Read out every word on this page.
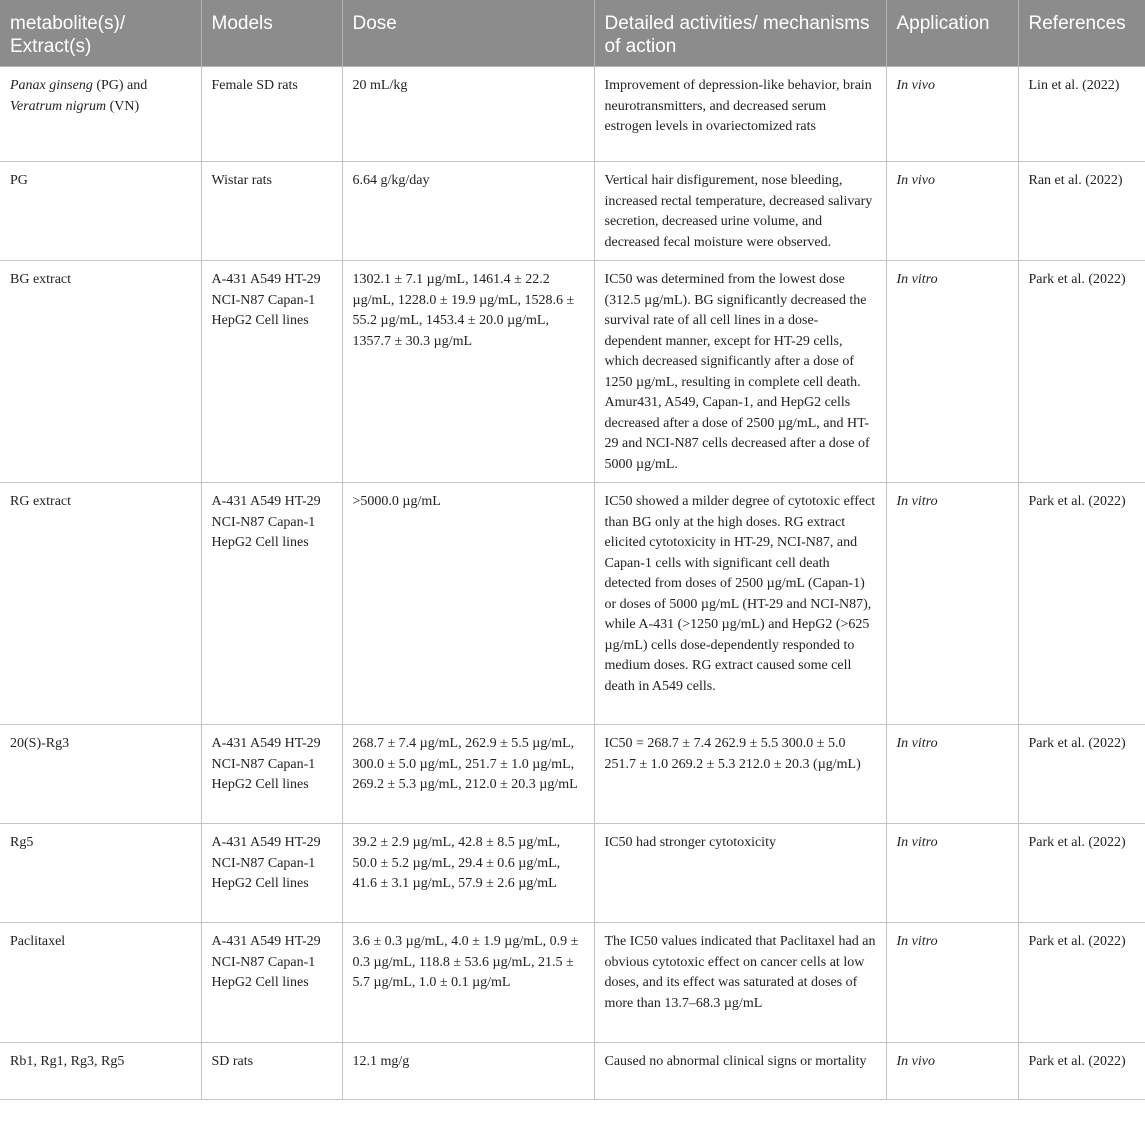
metabolite(s)/ Extract(s)	Models	Dose	Detailed activities/ mechanisms of action	Application	References
Panax ginseng (PG) and Veratrum nigrum (VN)	Female SD rats	20 mL/kg	Improvement of depression-like behavior, brain neurotransmitters, and decreased serum estrogen levels in ovariectomized rats	In vivo	Lin et al. (2022)
PG	Wistar rats	6.64 g/kg/day	Vertical hair disfigurement, nose bleeding, increased rectal temperature, decreased salivary secretion, decreased urine volume, and decreased fecal moisture were observed.	In vivo	Ran et al. (2022)
BG extract	A-431 A549 HT-29 NCI-N87 Capan-1 HepG2 Cell lines	1302.1 ± 7.1 µg/mL, 1461.4 ± 22.2 µg/mL, 1228.0 ± 19.9 µg/mL, 1528.6 ± 55.2 µg/mL, 1453.4 ± 20.0 µg/mL, 1357.7 ± 30.3 µg/mL	IC50 was determined from the lowest dose (312.5 µg/mL). BG significantly decreased the survival rate of all cell lines in a dose-dependent manner, except for HT-29 cells, which decreased significantly after a dose of 1250 µg/mL, resulting in complete cell death. Amur431, A549, Capan-1, and HepG2 cells decreased after a dose of 2500 µg/mL, and HT-29 and NCI-N87 cells decreased after a dose of 5000 µg/mL.	In vitro	Park et al. (2022)
RG extract	A-431 A549 HT-29 NCI-N87 Capan-1 HepG2 Cell lines	>5000.0 µg/mL	IC50 showed a milder degree of cytotoxic effect than BG only at the high doses. RG extract elicited cytotoxicity in HT-29, NCI-N87, and Capan-1 cells with significant cell death detected from doses of 2500 µg/mL (Capan-1) or doses of 5000 µg/mL (HT-29 and NCI-N87), while A-431 (>1250 µg/mL) and HepG2 (>625 µg/mL) cells dose-dependently responded to medium doses. RG extract caused some cell death in A549 cells.	In vitro	Park et al. (2022)
20(S)-Rg3	A-431 A549 HT-29 NCI-N87 Capan-1 HepG2 Cell lines	268.7 ± 7.4 µg/mL, 262.9 ± 5.5 µg/mL, 300.0 ± 5.0 µg/mL, 251.7 ± 1.0 µg/mL, 269.2 ± 5.3 µg/mL, 212.0 ± 20.3 µg/mL	IC50 = 268.7 ± 7.4 262.9 ± 5.5 300.0 ± 5.0 251.7 ± 1.0 269.2 ± 5.3 212.0 ± 20.3 (µg/mL)	In vitro	Park et al. (2022)
Rg5	A-431 A549 HT-29 NCI-N87 Capan-1 HepG2 Cell lines	39.2 ± 2.9 µg/mL, 42.8 ± 8.5 µg/mL, 50.0 ± 5.2 µg/mL, 29.4 ± 0.6 µg/mL, 41.6 ± 3.1 µg/mL, 57.9 ± 2.6 µg/mL	IC50 had stronger cytotoxicity	In vitro	Park et al. (2022)
Paclitaxel	A-431 A549 HT-29 NCI-N87 Capan-1 HepG2 Cell lines	3.6 ± 0.3 µg/mL, 4.0 ± 1.9 µg/mL, 0.9 ± 0.3 µg/mL, 118.8 ± 53.6 µg/mL, 21.5 ± 5.7 µg/mL, 1.0 ± 0.1 µg/mL	The IC50 values indicated that Paclitaxel had an obvious cytotoxic effect on cancer cells at low doses, and its effect was saturated at doses of more than 13.7–68.3 µg/mL	In vitro	Park et al. (2022)
Rb1, Rg1, Rg3, Rg5	SD rats	12.1 mg/g	Caused no abnormal clinical signs or mortality	In vivo	Park et al. (2022)
